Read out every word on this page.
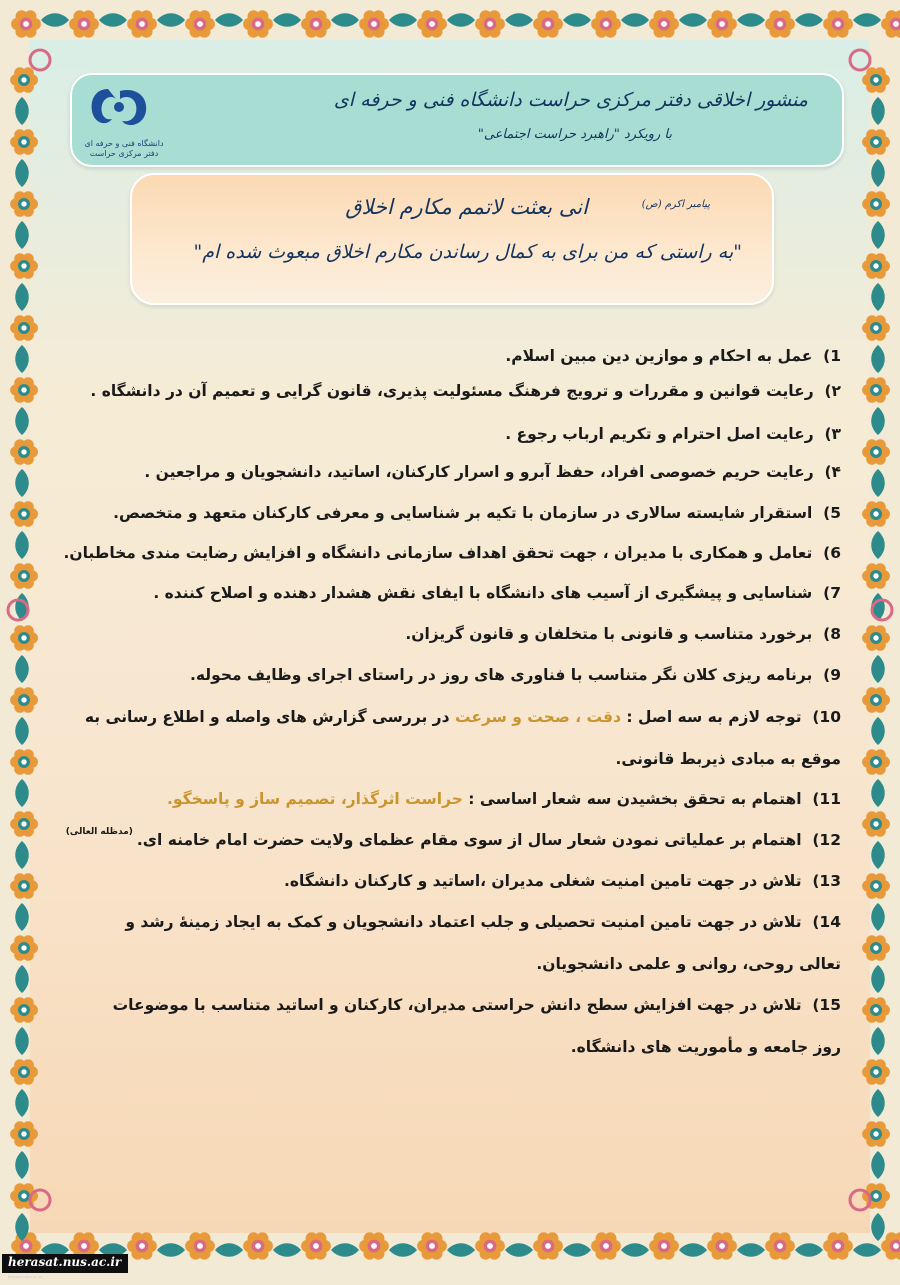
دانشگاه فنی و حرفه ای
دفتر مرکزی حراست
منشور اخلاقی دفتر مرکزی حراست دانشگاه فنی و حرفه ای
با رویکرد "راهبرد حراست اجتماعی"
انی بعثت لاتمم مکارم اخلاق	پیامبر اکرم (ص)
"به راستی که من برای به کمال رساندن مکارم اخلاق مبعوث شده ام"
1)  عمل به احکام و موازین دین مبین اسلام.
۲)  رعایت قوانین و مقررات و ترویج فرهنگ مسئولیت پذیری، قانون گرایی و تعمیم آن در دانشگاه .
۳)  رعایت اصل احترام و تکریم ارباب رجوع .
۴)  رعایت حریم خصوصی افراد، حفظ آبرو و اسرار کارکنان، اساتید، دانشجویان و مراجعین .
5)  استقرار شایسته سالاری در سازمان با تکیه بر شناسایی و معرفی کارکنان متعهد و متخصص.
6)  تعامل و همکاری با مدیران ، جهت تحقق اهداف سازمانی دانشگاه و افزایش رضایت مندی مخاطبان.
7)  شناسایی و پیشگیری از آسیب های دانشگاه با ایفای نقش هشدار دهنده و اصلاح کننده .
8)  برخورد متناسب و قانونی با متخلفان و قانون گریزان.
9)  برنامه ریزی کلان نگر متناسب با فناوری های روز در راستای اجرای وظایف محوله.
10)  توجه لازم به سه اصل : دقت ، صحت و سرعت در بررسی گزارش های واصله و اطلاع رسانی به موقع به مبادی ذیربط قانونی.
11)  اهتمام به تحقق بخشیدن سه شعار اساسی : حراست اثرگذار، تصمیم ساز و پاسخگو.
12)  اهتمام بر عملیاتی نمودن شعار سال از سوی مقام عظمای ولایت حضرت امام خامنه ای.$^{(مدظله العالی)}$
13)  تلاش در جهت تامین امنیت شغلی مدیران ،اساتید و کارکنان دانشگاه.
14)  تلاش در جهت تامین امنیت تحصیلی و جلب اعتماد دانشجویان و کمک به ایجاد زمینۀ رشد و تعالی روحی، روانی و علمی دانشجویان.
15)  تلاش در جهت افزایش سطح دانش حراستی مدیران، کارکنان و اساتید متناسب با موضوعات روز جامعه و مأموریت های دانشگاه.
herasat.nus.ac.ir
herasat.nus.ac.ir
